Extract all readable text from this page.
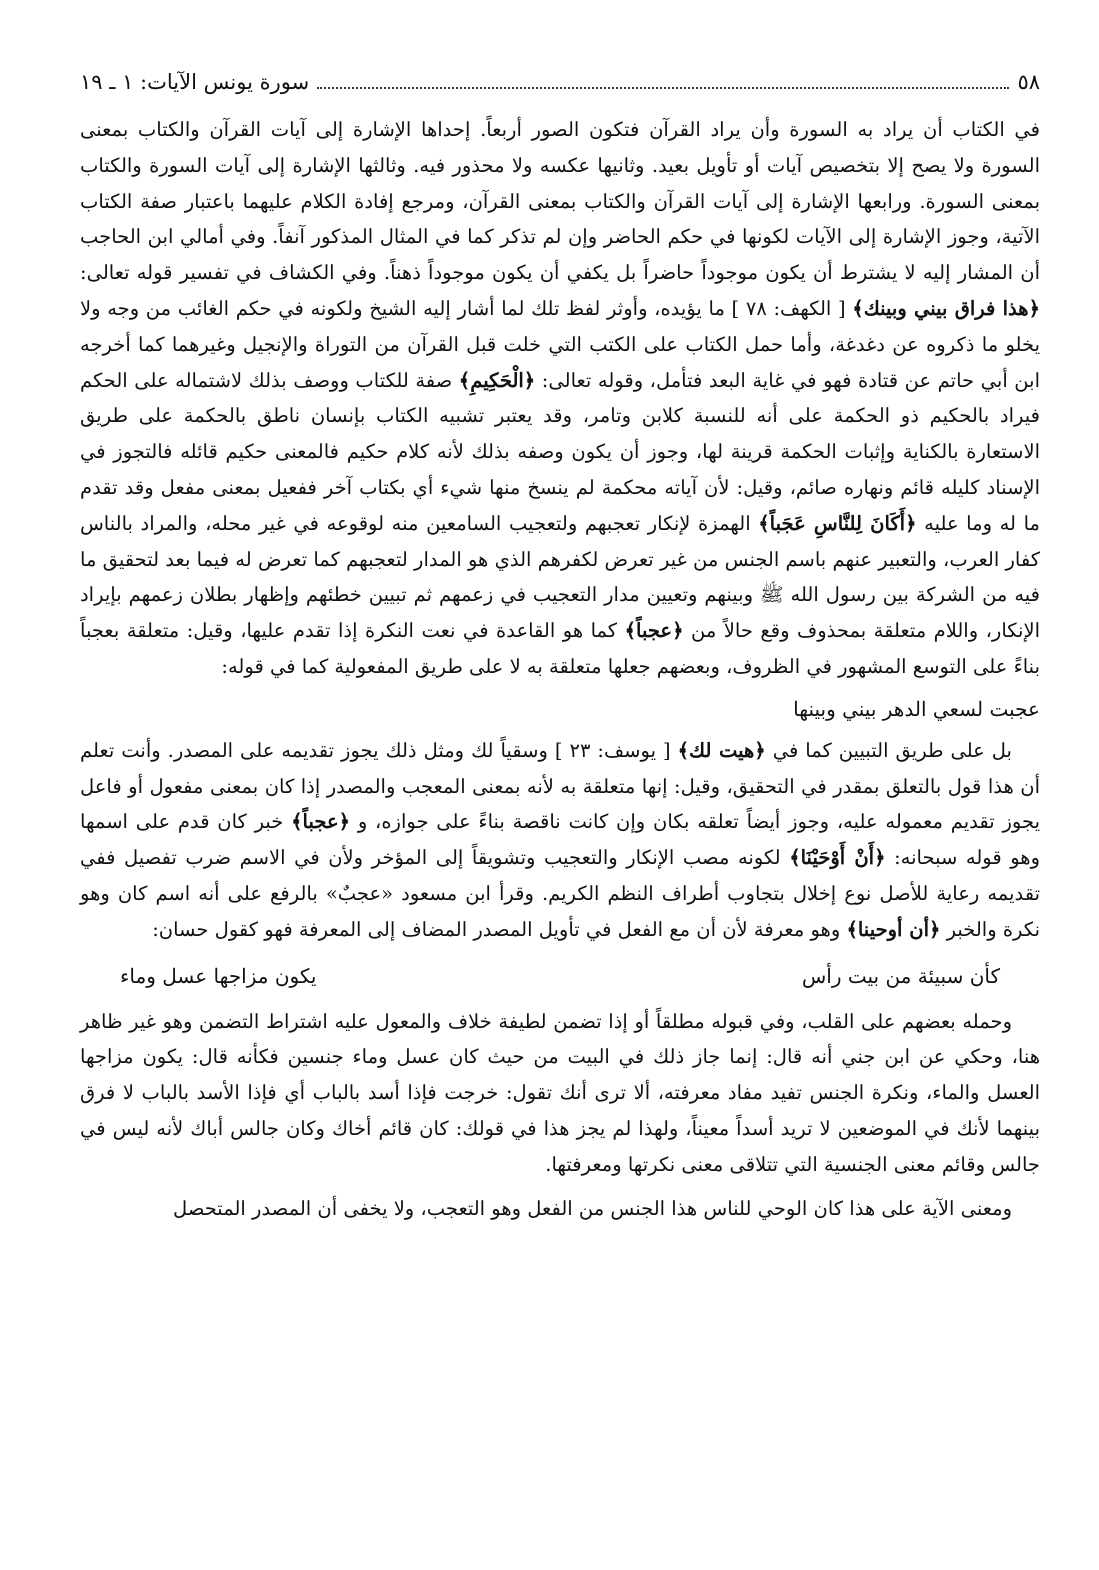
٥٨
سورة يونس الآيات: ١ ـ ١٩

في الكتاب أن يراد به السورة وأن يراد القرآن فتكون الصور أربعاً. إحداها الإشارة إلى آيات القرآن والكتاب بمعنى السورة ولا يصح إلا بتخصيص آيات أو تأويل بعيد. وثانيها عكسه ولا محذور فيه. وثالثها الإشارة إلى آيات السورة والكتاب بمعنى السورة. ورابعها الإشارة إلى آيات القرآن والكتاب بمعنى القرآن، ومرجع إفادة الكلام عليهما باعتبار صفة الكتاب الآتية، وجوز الإشارة إلى الآيات لكونها في حكم الحاضر وإن لم تذكر كما في المثال المذكور آنفاً. وفي أمالي ابن الحاجب أن المشار إليه لا يشترط أن يكون موجوداً حاضراً بل يكفي أن يكون موجوداً ذهناً. وفي الكشاف في تفسير قوله تعالى: ﴿هذا فراق بيني وبينك﴾ [ الكهف: ٧٨ ] ما يؤيده، وأوثر لفظ تلك لما أشار إليه الشيخ ولكونه في حكم الغائب من وجه ولا يخلو ما ذكروه عن دغدغة، وأما حمل الكتاب على الكتب التي خلت قبل القرآن من التوراة والإنجيل وغيرهما كما أخرجه ابن أبي حاتم عن قتادة فهو في غاية البعد فتأمل، وقوله تعالى: ﴿الْحَكِيمِ﴾ صفة للكتاب ووصف بذلك لاشتماله على الحكم فيراد بالحكيم ذو الحكمة على أنه للنسبة كلابن وتامر، وقد يعتبر تشبيه الكتاب بإنسان ناطق بالحكمة على طريق الاستعارة بالكناية وإثبات الحكمة قرينة لها، وجوز أن يكون وصفه بذلك لأنه كلام حكيم فالمعنى حكيم قائله فالتجوز في الإسناد كليله قائم ونهاره صائم، وقيل: لأن آياته محكمة لم ينسخ منها شيء أي بكتاب آخر ففعيل بمعنى مفعل وقد تقدم ما له وما عليه ﴿أَكَانَ لِلنَّاسِ عَجَباً﴾ الهمزة لإنكار تعجبهم ولتعجيب السامعين منه لوقوعه في غير محله، والمراد بالناس كفار العرب، والتعبير عنهم باسم الجنس من غير تعرض لكفرهم الذي هو المدار لتعجبهم كما تعرض له فيما بعد لتحقيق ما فيه من الشركة بين رسول الله ﷺ وبينهم وتعيين مدار التعجيب في زعمهم ثم تبيين خطئهم وإظهار بطلان زعمهم بإيراد الإنكار، واللام متعلقة بمحذوف وقع حالاً من ﴿عجباً﴾ كما هو القاعدة في نعت النكرة إذا تقدم عليها، وقيل: متعلقة بعجباً بناءً على التوسع المشهور في الظروف، وبعضهم جعلها متعلقة به لا على طريق المفعولية كما في قوله:

عجبت لسعي الدهر بيني وبينها

بل على طريق التبيين كما في ﴿هيت لك﴾ [ يوسف: ٢٣ ] وسقياً لك ومثل ذلك يجوز تقديمه على المصدر. وأنت تعلم أن هذا قول بالتعلق بمقدر في التحقيق، وقيل: إنها متعلقة به لأنه بمعنى المعجب والمصدر إذا كان بمعنى مفعول أو فاعل يجوز تقديم معموله عليه، وجوز أيضاً تعلقه بكان وإن كانت ناقصة بناءً على جوازه، و ﴿عجباً﴾ خبر كان قدم على اسمها وهو قوله سبحانه: ﴿أَنْ أَوْحَيْنَا﴾ لكونه مصب الإنكار والتعجيب وتشويقاً إلى المؤخر ولأن في الاسم ضرب تفصيل ففي تقديمه رعاية للأصل نوع إخلال بتجاوب أطراف النظم الكريم. وقرأ ابن مسعود «عجبٌ» بالرفع على أنه اسم كان وهو نكرة والخبر ﴿أن أوحينا﴾ وهو معرفة لأن أن مع الفعل في تأويل المصدر المضاف إلى المعرفة فهو كقول حسان:

كأن سبيئة من بيت رأس
يكون مزاجها عسل وماء

وحمله بعضهم على القلب، وفي قبوله مطلقاً أو إذا تضمن لطيفة خلاف والمعول عليه اشتراط التضمن وهو غير ظاهر هنا، وحكي عن ابن جني أنه قال: إنما جاز ذلك في البيت من حيث كان عسل وماء جنسين فكأنه قال: يكون مزاجها العسل والماء، ونكرة الجنس تفيد مفاد معرفته، ألا ترى أنك تقول: خرجت فإذا أسد بالباب أي فإذا الأسد بالباب لا فرق بينهما لأنك في الموضعين لا تريد أسداً معيناً، ولهذا لم يجز هذا في قولك: كان قائم أخاك وكان جالس أباك لأنه ليس في جالس وقائم معنى الجنسية التي تتلاقى معنى نكرتها ومعرفتها.

ومعنى الآية على هذا كان الوحي للناس هذا الجنس من الفعل وهو التعجب، ولا يخفى أن المصدر المتحصل
